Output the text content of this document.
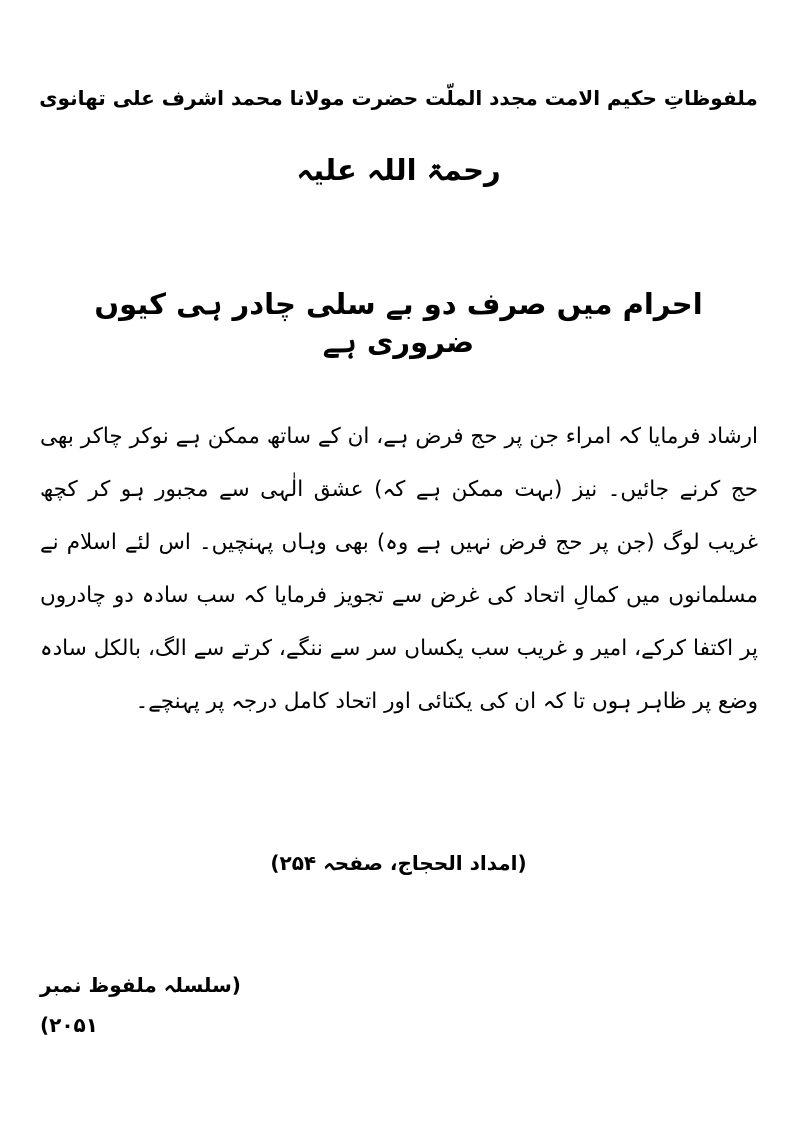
ملفوظاتِ حکیم الامت مجدد الملّت حضرت مولانا محمد اشرف علی تھانوی
رحمۃ اللہ علیہ
احرام میں صرف دو بے سلی چادر ہی کیوں ضروری ہے
ارشاد فرمایا کہ امراء جن پر حج فرض ہے، ان کے ساتھ ممکن ہے نوکر چاکر بھی حج کرنے جائیں۔ نیز (بہت ممکن ہے کہ) عشق الٰہی سے مجبور ہو کر کچھ غریب لوگ (جن پر حج فرض نہیں ہے وہ) بھی وہاں پہنچیں۔ اس لئے اسلام نے مسلمانوں میں کمالِ اتحاد کی غرض سے تجویز فرمایا کہ سب سادہ دو چادروں پر اکتفا کرکے، امیر و غریب سب یکساں سر سے ننگے، کرتے سے الگ، بالکل سادہ وضع پر ظاہر ہوں تا کہ ان کی یکتائی اور اتحاد کامل درجہ پر پہنچے۔
(امداد الحجاج، صفحہ ۲۵۴)
(سلسلہ ملفوظ نمبر ۲۰۵۱)
